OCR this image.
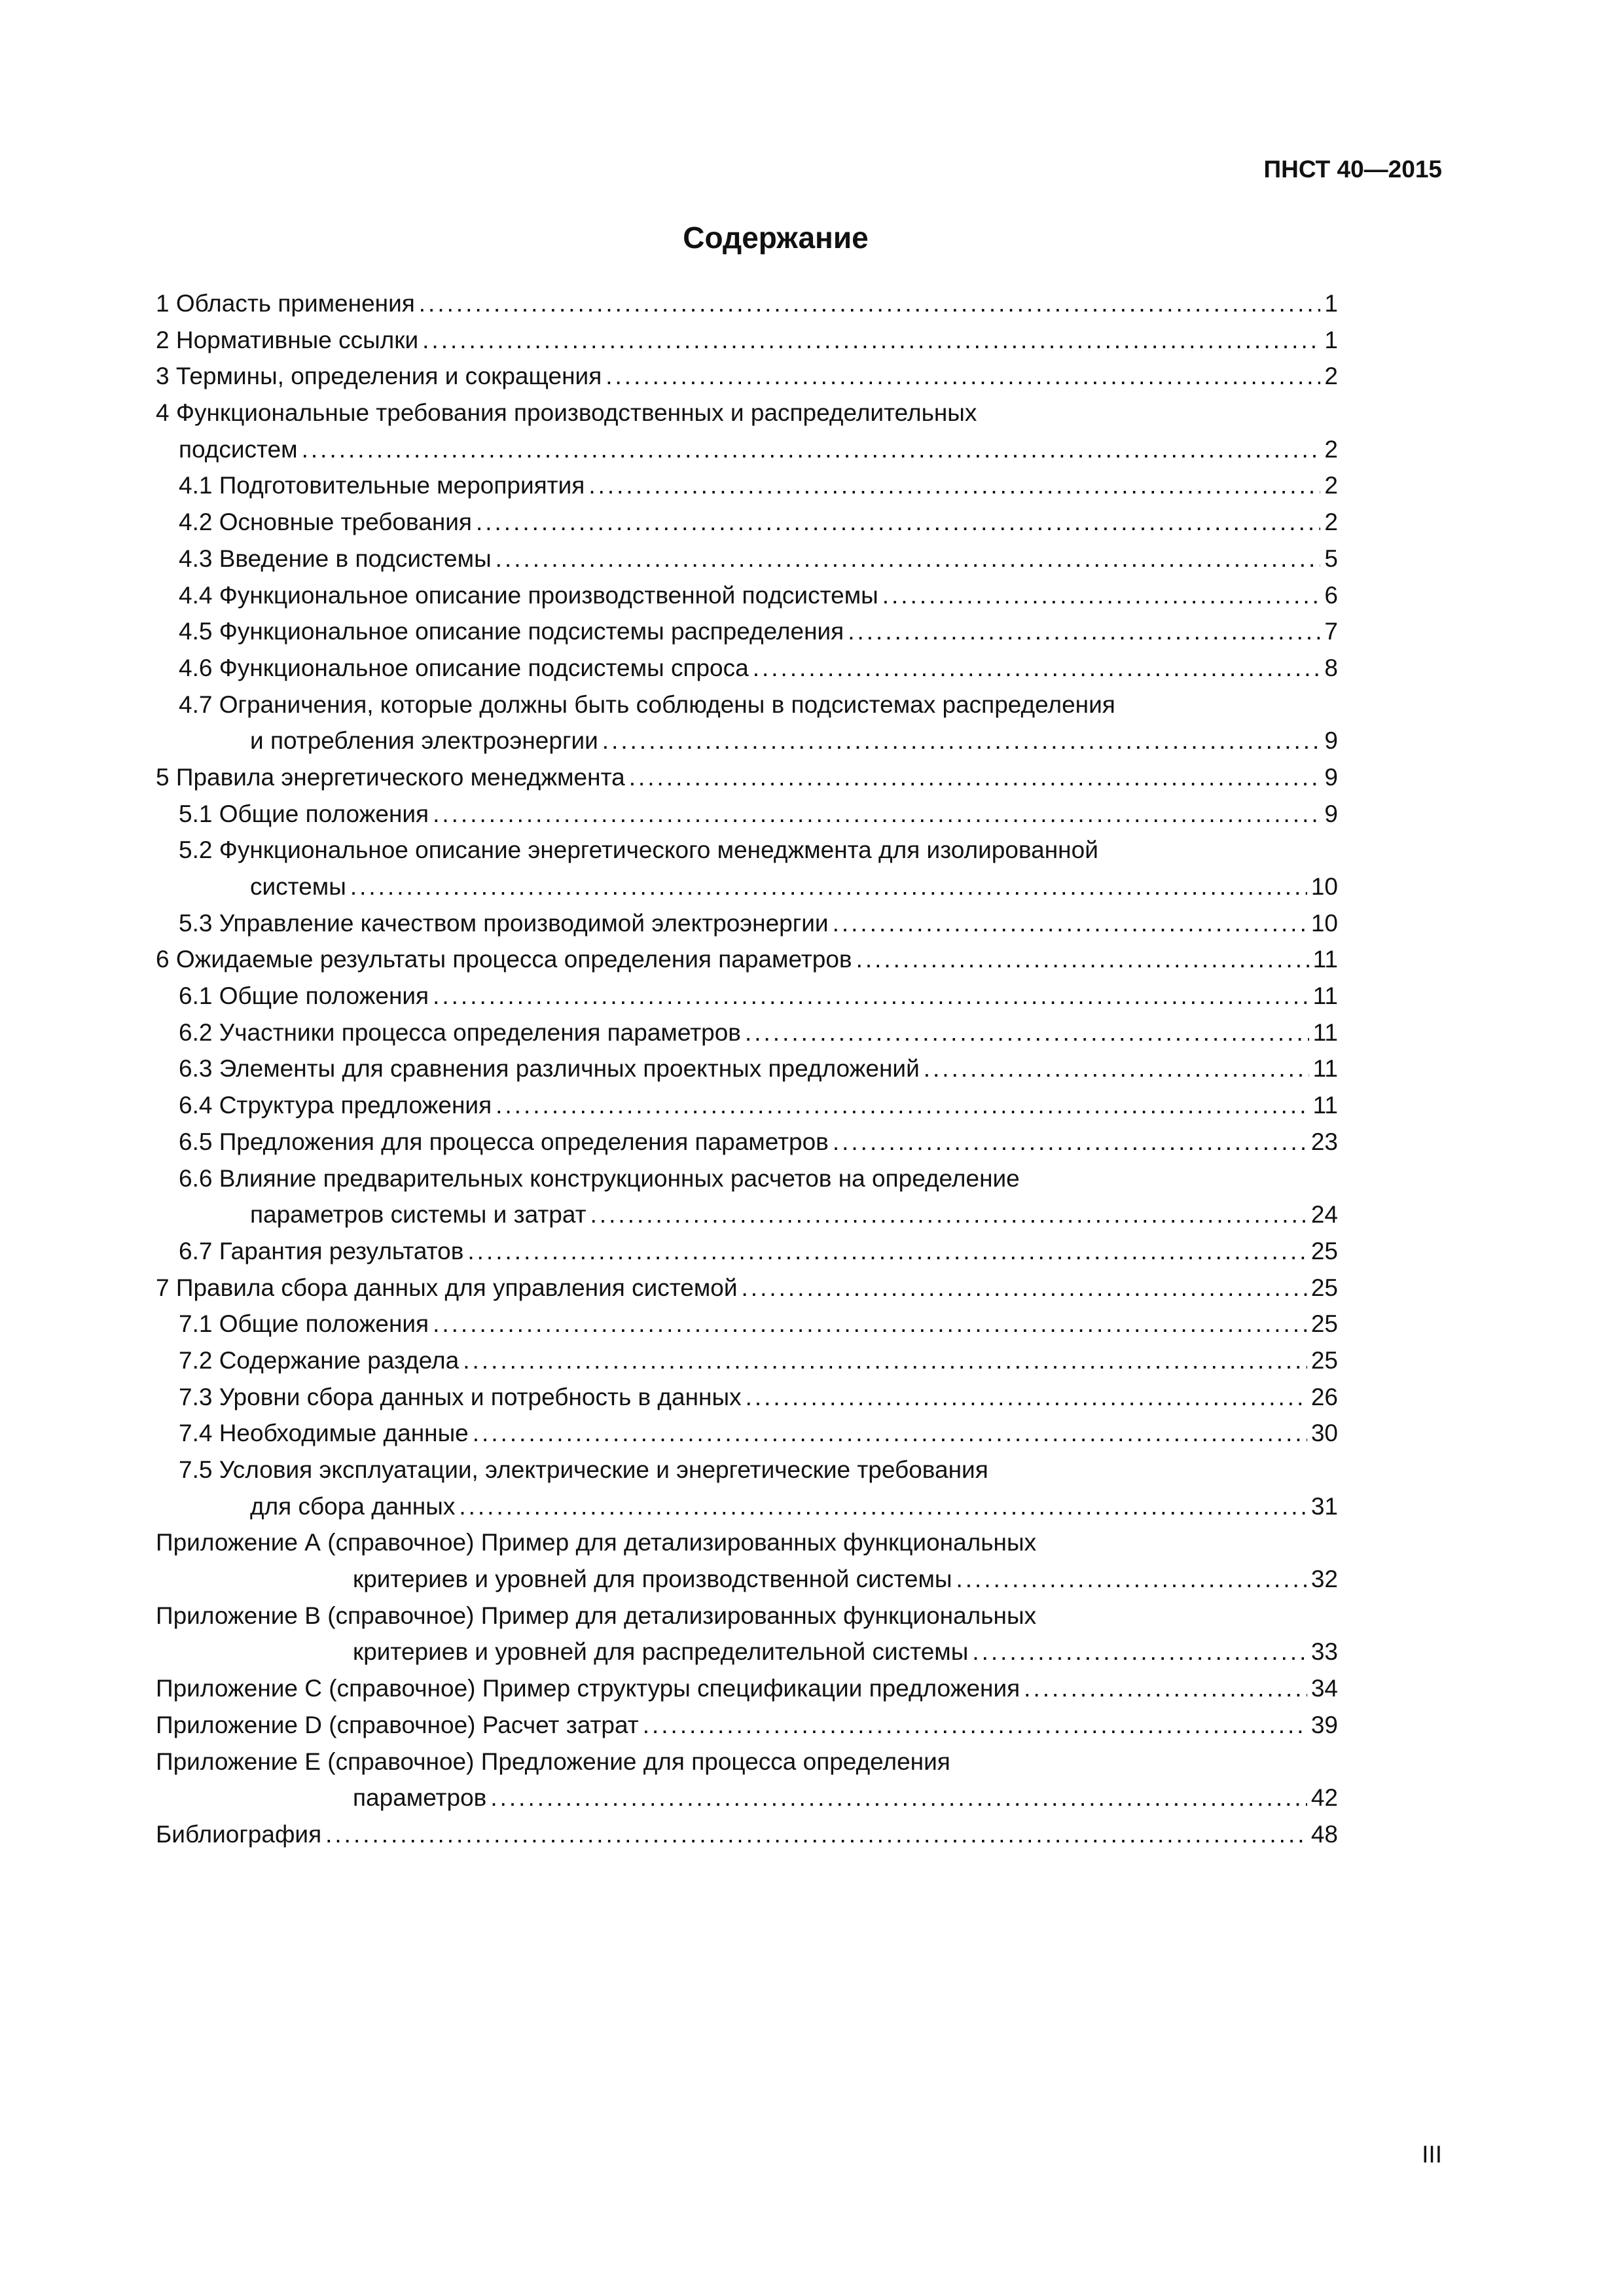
ПНСТ 40—2015
Содержание
1 Область применения .....	1
2 Нормативные ссылки .....	1
3 Термины, определения и сокращения .....	2
4 Функциональные требования производственных и распределительных
подсистем .....	2
4.1 Подготовительные мероприятия .....	2
4.2 Основные требования .....	2
4.3 Введение в подсистемы .....	5
4.4 Функциональное описание производственной подсистемы .....	6
4.5 Функциональное описание подсистемы распределения .....	7
4.6 Функциональное описание подсистемы спроса .....	8
4.7 Ограничения, которые должны быть соблюдены в подсистемах распределения
и потребления электроэнергии .....	9
5 Правила энергетического менеджмента .....	9
5.1 Общие положения .....	9
5.2 Функциональное описание энергетического менеджмента для изолированной
системы .....	10
5.3 Управление качеством производимой электроэнергии .....	10
6 Ожидаемые результаты процесса определения параметров .....	11
6.1 Общие положения .....	11
6.2 Участники процесса определения параметров .....	11
6.3 Элементы для сравнения различных проектных предложений .....	11
6.4 Структура предложения .....	11
6.5 Предложения для процесса определения параметров .....	23
6.6 Влияние предварительных конструкционных расчетов на определение
параметров системы и затрат .....	24
6.7 Гарантия результатов .....	25
7 Правила сбора данных для управления системой .....	25
7.1 Общие положения .....	25
7.2 Содержание раздела .....	25
7.3 Уровни сбора данных и потребность в данных .....	26
7.4 Необходимые данные .....	30
7.5 Условия эксплуатации, электрические и энергетические требования
для сбора данных .....	31
Приложение А (справочное) Пример для детализированных функциональных
критериев и уровней для производственной системы .....	32
Приложение В (справочное) Пример для детализированных функциональных
критериев и уровней для распределительной системы .....	33
Приложение С (справочное) Пример структуры спецификации предложения .....	34
Приложение D (справочное) Расчет затрат .....	39
Приложение Е (справочное) Предложение для процесса определения
параметров .....	42
Библиография .....	48
III
